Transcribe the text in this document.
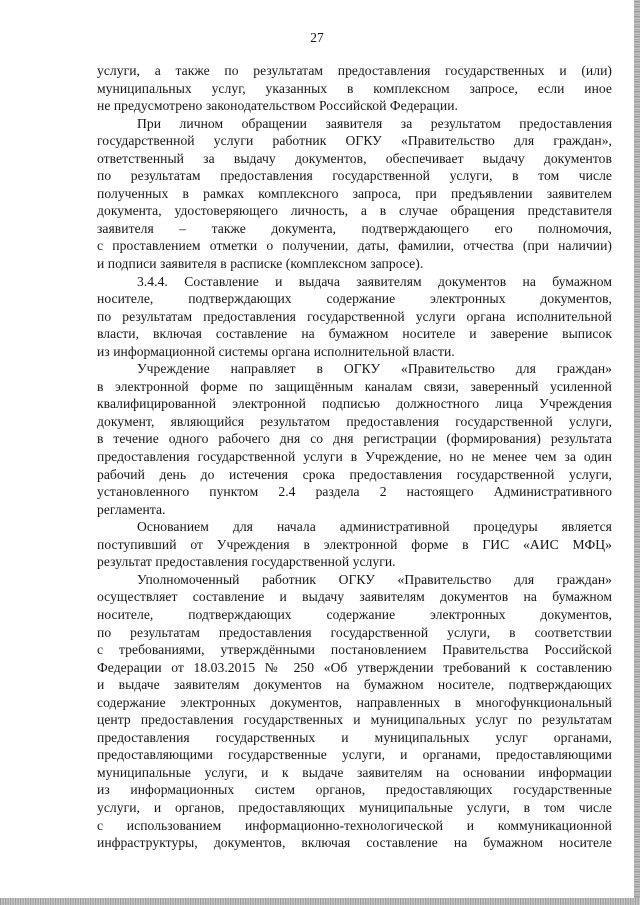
27
услуги, а также по результатам предоставления государственных и (или)
муниципальных услуг, указанных в комплексном запросе, если иное
не предусмотрено законодательством Российской Федерации.
При личном обращении заявителя за результатом предоставления
государственной услуги работник ОГКУ «Правительство для граждан»,
ответственный за выдачу документов, обеспечивает выдачу документов
по результатам предоставления государственной услуги, в том числе
полученных в рамках комплексного запроса, при предъявлении заявителем
документа, удостоверяющего личность, а в случае обращения представителя
заявителя – также документа, подтверждающего его полномочия,
с проставлением отметки о получении, даты, фамилии, отчества (при наличии)
и подписи заявителя в расписке (комплексном запросе).
3.4.4. Составление и выдача заявителям документов на бумажном
носителе, подтверждающих содержание электронных документов,
по результатам предоставления государственной услуги органа исполнительной
власти, включая составление на бумажном носителе и заверение выписок
из информационной системы органа исполнительной власти.
Учреждение направляет в ОГКУ «Правительство для граждан»
в электронной форме по защищённым каналам связи, заверенный усиленной
квалифицированной электронной подписью должностного лица Учреждения
документ, являющийся результатом предоставления государственной услуги,
в течение одного рабочего дня со дня регистрации (формирования) результата
предоставления государственной услуги в Учреждение, но не менее чем за один
рабочий день до истечения срока предоставления государственной услуги,
установленного пунктом 2.4 раздела 2 настоящего Административного
регламента.
Основанием для начала административной процедуры является
поступивший от Учреждения в электронной форме в ГИС «АИС МФЦ»
результат предоставления государственной услуги.
Уполномоченный работник ОГКУ «Правительство для граждан»
осуществляет составление и выдачу заявителям документов на бумажном
носителе, подтверждающих содержание электронных документов,
по результатам предоставления государственной услуги, в соответствии
с требованиями, утверждёнными постановлением Правительства Российской
Федерации от 18.03.2015 № 250 «Об утверждении требований к составлению
и выдаче заявителям документов на бумажном носителе, подтверждающих
содержание электронных документов, направленных в многофункциональный
центр предоставления государственных и муниципальных услуг по результатам
предоставления государственных и муниципальных услуг органами,
предоставляющими государственные услуги, и органами, предоставляющими
муниципальные услуги, и к выдаче заявителям на основании информации
из информационных систем органов, предоставляющих государственные
услуги, и органов, предоставляющих муниципальные услуги, в том числе
с использованием информационно-технологической и коммуникационной
инфраструктуры, документов, включая составление на бумажном носителе
